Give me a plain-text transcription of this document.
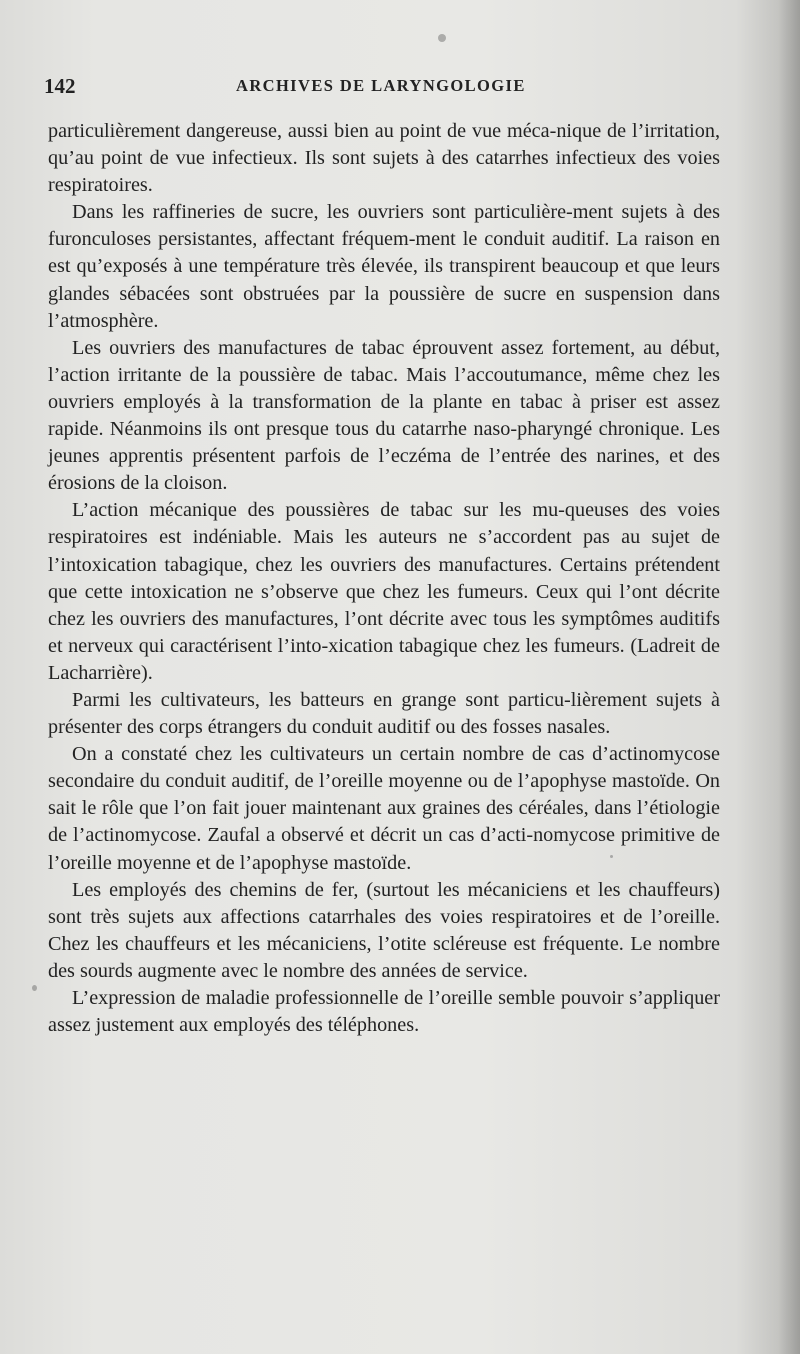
142	ARCHIVES DE LARYNGOLOGIE

particulièrement dangereuse, aussi bien au point de vue méca-nique de l’irritation, qu’au point de vue infectieux. Ils sont sujets à des catarrhes infectieux des voies respiratoires.

Dans les raffineries de sucre, les ouvriers sont particulière-ment sujets à des furonculoses persistantes, affectant fréquem-ment le conduit auditif. La raison en est qu’exposés à une température très élevée, ils transpirent beaucoup et que leurs glandes sébacées sont obstruées par la poussière de sucre en suspension dans l’atmosphère.

Les ouvriers des manufactures de tabac éprouvent assez fortement, au début, l’action irritante de la poussière de tabac. Mais l’accoutumance, même chez les ouvriers employés à la transformation de la plante en tabac à priser est assez rapide. Néanmoins ils ont presque tous du catarrhe naso-pharyngé chronique. Les jeunes apprentis présentent parfois de l’eczéma de l’entrée des narines, et des érosions de la cloison.

L’action mécanique des poussières de tabac sur les mu-queuses des voies respiratoires est indéniable. Mais les auteurs ne s’accordent pas au sujet de l’intoxication tabagique, chez les ouvriers des manufactures. Certains prétendent que cette intoxication ne s’observe que chez les fumeurs. Ceux qui l’ont décrite chez les ouvriers des manufactures, l’ont décrite avec tous les symptômes auditifs et nerveux qui caractérisent l’into-xication tabagique chez les fumeurs. (Ladreit de Lacharrière).

Parmi les cultivateurs, les batteurs en grange sont particu-lièrement sujets à présenter des corps étrangers du conduit auditif ou des fosses nasales.

On a constaté chez les cultivateurs un certain nombre de cas d’actinomycose secondaire du conduit auditif, de l’oreille moyenne ou de l’apophyse mastoïde. On sait le rôle que l’on fait jouer maintenant aux graines des céréales, dans l’étiologie de l’actinomycose. Zaufal a observé et décrit un cas d’acti-nomycose primitive de l’oreille moyenne et de l’apophyse mastoïde.

Les employés des chemins de fer, (surtout les mécaniciens et les chauffeurs) sont très sujets aux affections catarrhales des voies respiratoires et de l’oreille. Chez les chauffeurs et les mécaniciens, l’otite scléreuse est fréquente. Le nombre des sourds augmente avec le nombre des années de service.

L’expression de maladie professionnelle de l’oreille semble pouvoir s’appliquer assez justement aux employés des téléphones.
